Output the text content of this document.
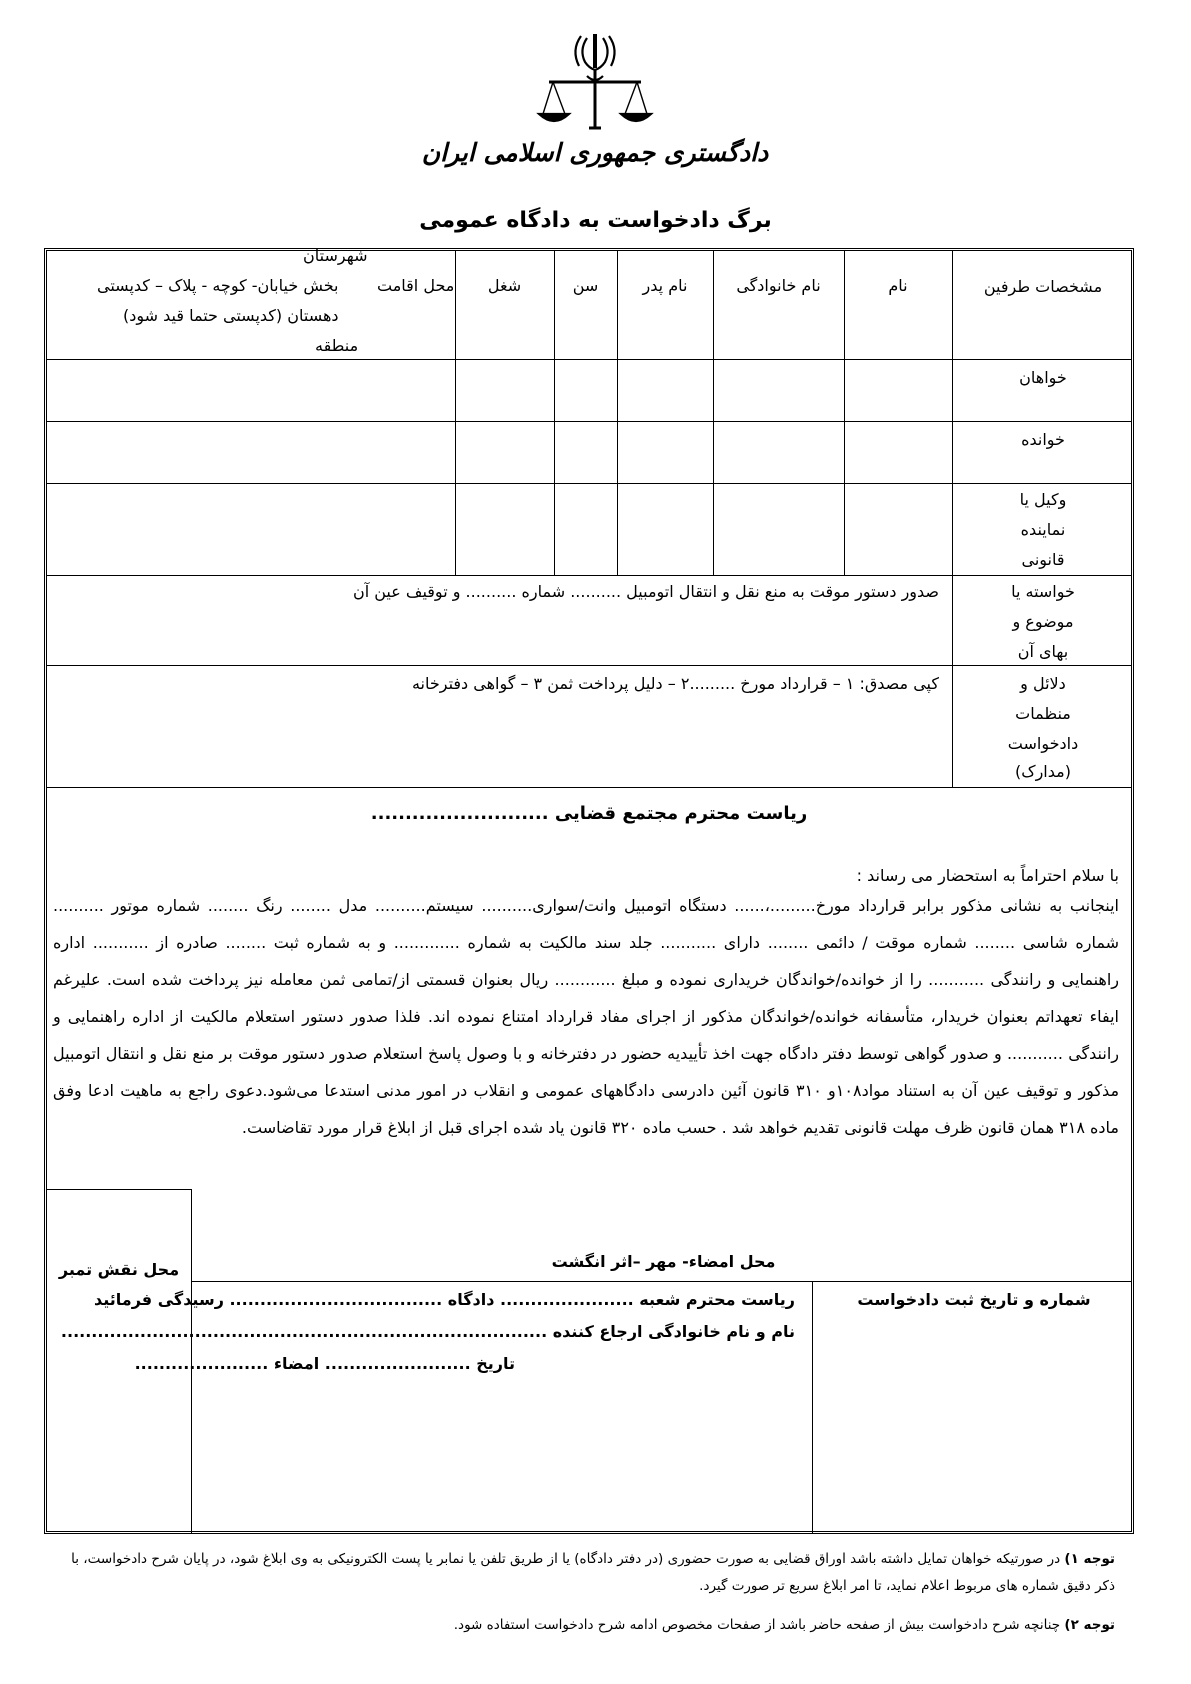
دادگستری جمهوری اسلامی ایران
برگ دادخواست به دادگاه عمومی
مشخصات طرفین
نام
نام خانوادگی
نام پدر
سن
شغل
محل اقامت
شهرستان
بخش خیابان- کوچه - پلاک – کدپستی
دهستان (کدپستی حتما قید شود)
منطقه
خواهان
خوانده
وکیل یا
نماینده
قانونی
خواسته یا
موضوع و
بهای آن
صدور دستور موقت به منع نقل و انتقال اتومبیل .......... شماره .......... و توقیف عین آن
دلائل و
منظمات
دادخواست
(مدارک)
کپی مصدق: ۱ – قرارداد مورخ .........۲ – دلیل پرداخت ثمن ۳ – گواهی دفترخانه
ریاست محترم مجتمع قضایی ..........................
با سلام احتراماً به استحضار می رساند :
اینجانب به نشانی مذکور برابر قرارداد مورخ.........،...... دستگاه اتومبیل وانت/سواری.......... سیستم.......... مدل ........ رنگ ........ شماره موتور .......... شماره شاسی ........ شماره موقت / دائمی ........ دارای ........... جلد سند مالکیت به شماره ............. و به شماره ثبت ........ صادره از ........... اداره راهنمایی و رانندگی ........... را از خوانده/خواندگان خریداری نموده و مبلغ ............ ریال بعنوان قسمتی از/تمامی ثمن معامله نیز پرداخت شده است. علیرغم ایفاء تعهداتم بعنوان خریدار، متأسفانه خوانده/خواندگان مذکور از اجرای مفاد قرارداد امتناع نموده اند. فلذا صدور دستور استعلام مالکیت از اداره راهنمایی و رانندگی ........... و صدور گواهی توسط دفتر دادگاه جهت اخذ تأییدیه حضور در دفترخانه و با وصول پاسخ استعلام صدور دستور موقت بر منع نقل و انتقال اتومبیل مذکور و توقیف عین آن به استناد مواد۱۰۸و ۳۱۰ قانون آئین دادرسی دادگاههای عمومی و انقلاب در امور مدنی استدعا می‌شود.دعوی راجع به ماهیت ادعا وفق ماده ۳۱۸ همان قانون ظرف مهلت قانونی تقدیم خواهد شد . حسب ماده ۳۲۰ قانون یاد شده اجرای قبل از ابلاغ قرار مورد تقاضاست.
محل نقش تمبر	محل امضاء- مهر –اثر انگشت
شماره و تاریخ ثبت دادخواست
ریاست محترم شعبه ...................... دادگاه ................................... رسیدگی فرمائید
نام و نام خانوادگی ارجاع کننده ................................................................................
تاریخ ........................ امضاء ......................
توجه ۱) در صورتیکه خواهان تمایل داشته باشد اوراق قضایی به صورت حضوری (در دفتر دادگاه) یا از طریق تلفن یا نمابر یا پست الکترونیکی به وی ابلاغ شود، در پایان شرح دادخواست، با ذکر دقیق شماره های مربوط اعلام نماید، تا امر ابلاغ سریع تر صورت گیرد.
توجه ۲) چنانچه شرح دادخواست بیش از صفحه حاضر باشد از صفحات مخصوص ادامه شرح دادخواست استفاده شود.
